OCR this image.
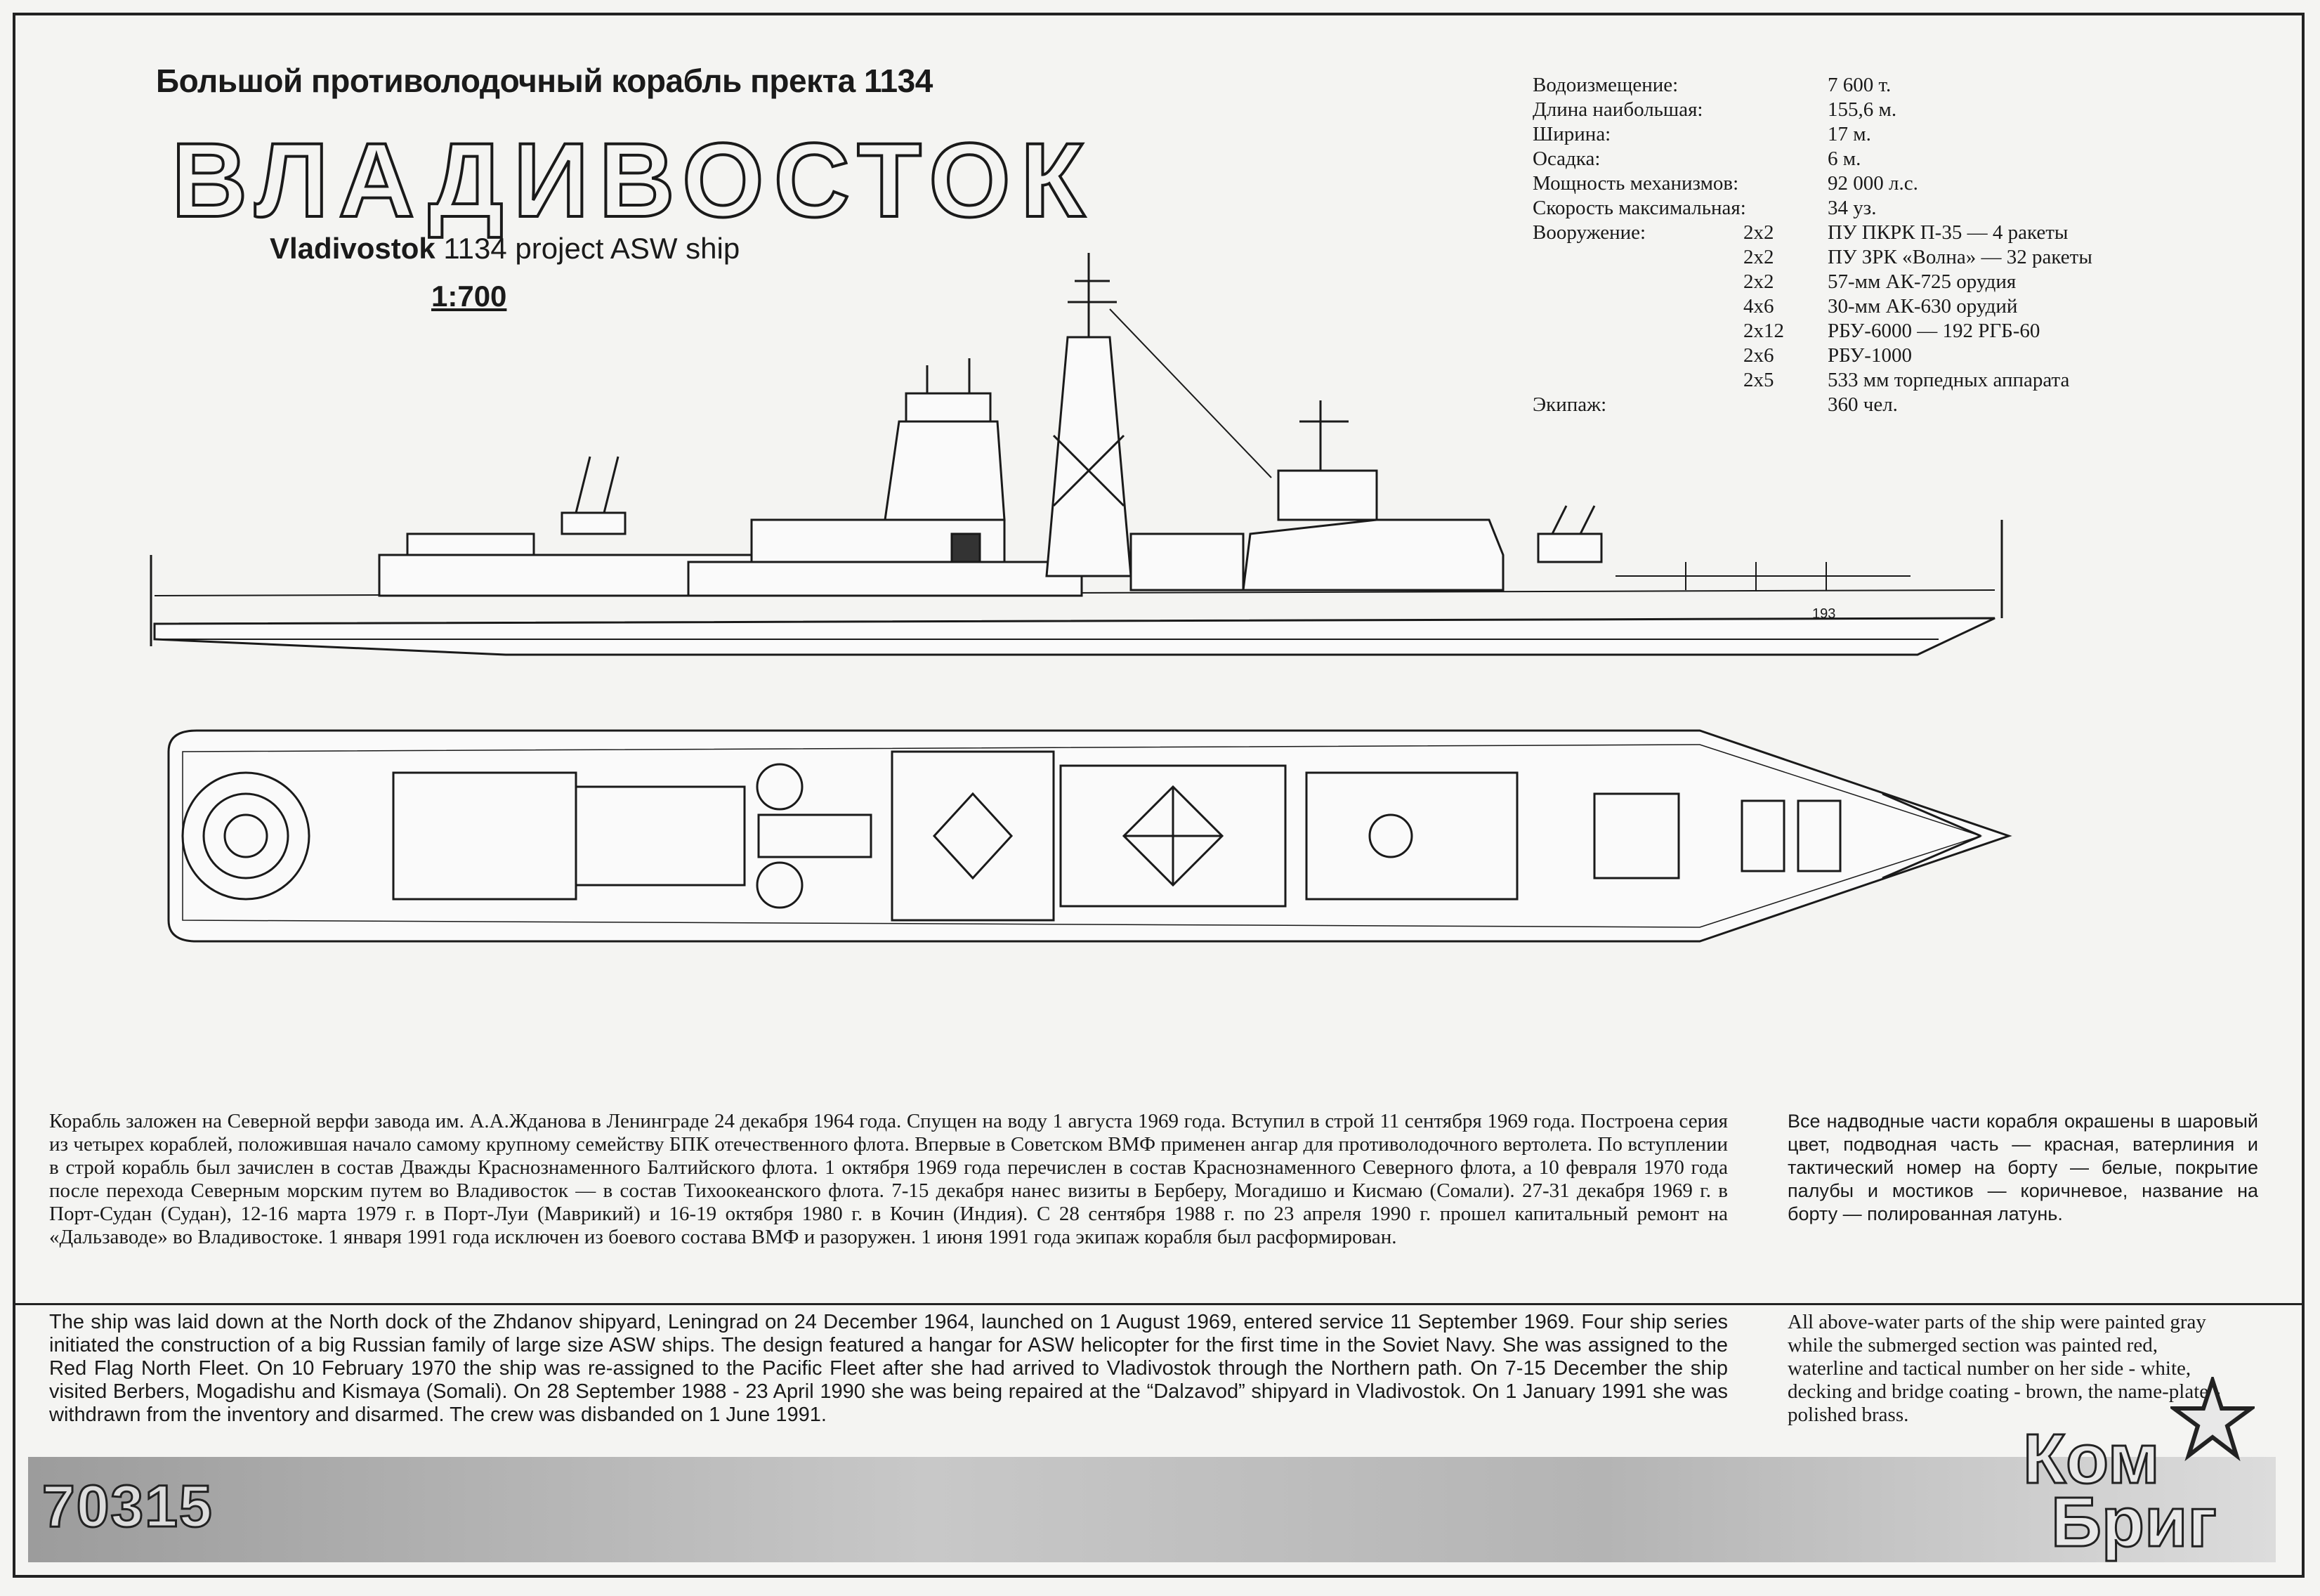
Большой противолодочный корабль пректа 1134
ВЛАДИВОСТОК
Vladivostok 1134 project ASW ship
1:700
Водоизмещение:	7 600 т.
Длина наибольшая:	155,6 м.
Ширина:	17 м.
Осадка:	6 м.
Мощность механизмов:	92 000 л.с.
Скорость максимальная:	34 уз.
Вооружение:	2х2	ПУ ПКРК П-35 — 4 ракеты
2х2	ПУ ЗРК «Волна» — 32 ракеты
2х2	57-мм АК-725 орудия
4х6	30-мм АК-630 орудий
2х12 РБУ-6000 — 192 РГБ-60
2х6	РБУ-1000
2х5	533 мм торпедных аппарата
Экипаж:	360 чел.
193
Корабль заложен на Северной верфи завода им. А.А.Жданова в Ленинграде 24 декабря 1964 года. Спущен на воду 1 августа 1969 года. Вступил в строй 11 сентября 1969 года. Построена серия из четырех кораблей, положившая начало самому крупному семейству БПК отечественного флота. Впервые в Советском ВМФ применен ангар для противолодочного вертолета. По вступлении в строй корабль был зачислен в состав Дважды Краснознаменного Балтийского флота. 1 октября 1969 года перечислен в состав Краснознаменного Северного флота, а 10 февраля 1970 года после перехода Северным морским путем во Владивосток — в состав Тихоокеанского флота. 7-15 декабря нанес визиты в Берберу, Могадишо и Кисмаю (Сомали). 27-31 декабря 1969 г. в Порт-Судан (Судан), 12-16 марта 1979 г. в Порт-Луи (Маврикий) и 16-19 октября 1980 г. в Кочин (Индия). С 28 сентября 1988 г. по 23 апреля 1990 г. прошел капитальный ремонт на «Дальзаводе» во Владивостоке. 1 января 1991 года исключен из боевого состава ВМФ и разоружен. 1 июня 1991 года экипаж корабля был расформирован.
Все надводные части корабля окрашены в шаровый цвет, подводная часть — красная, ватерлиния и тактический номер на борту — белые, покрытие палубы и мостиков — коричневое, название на борту — полированная латунь.
The ship was laid down at the North dock of the Zhdanov shipyard, Leningrad on 24 December 1964, launched on 1 August 1969, entered service 11 September 1969. Four ship series initiated the construction of a big Russian family of large size ASW ships. The design featured a hangar for ASW helicopter for the first time in the Soviet Navy. She was assigned to the Red Flag North Fleet. On 10 February 1970 the ship was re-assigned to the Pacific Fleet after she had arrived to Vladivostok through the Northern path. On 7-15 December the ship visited Berbers, Mogadishu and Kismaya (Somali). On 28 September 1988 - 23 April 1990 she was being repaired at the “Dalzavod” shipyard in Vladivostok. On 1 January 1991 she was withdrawn from the inventory and disarmed. The crew was disbanded on 1 June 1991.
All above-water parts of the ship were painted gray while the submerged section was painted red, waterline and tactical number on her side - white, decking and bridge coating - brown, the name-plate - polished brass.
70315
Ком
Бриг
